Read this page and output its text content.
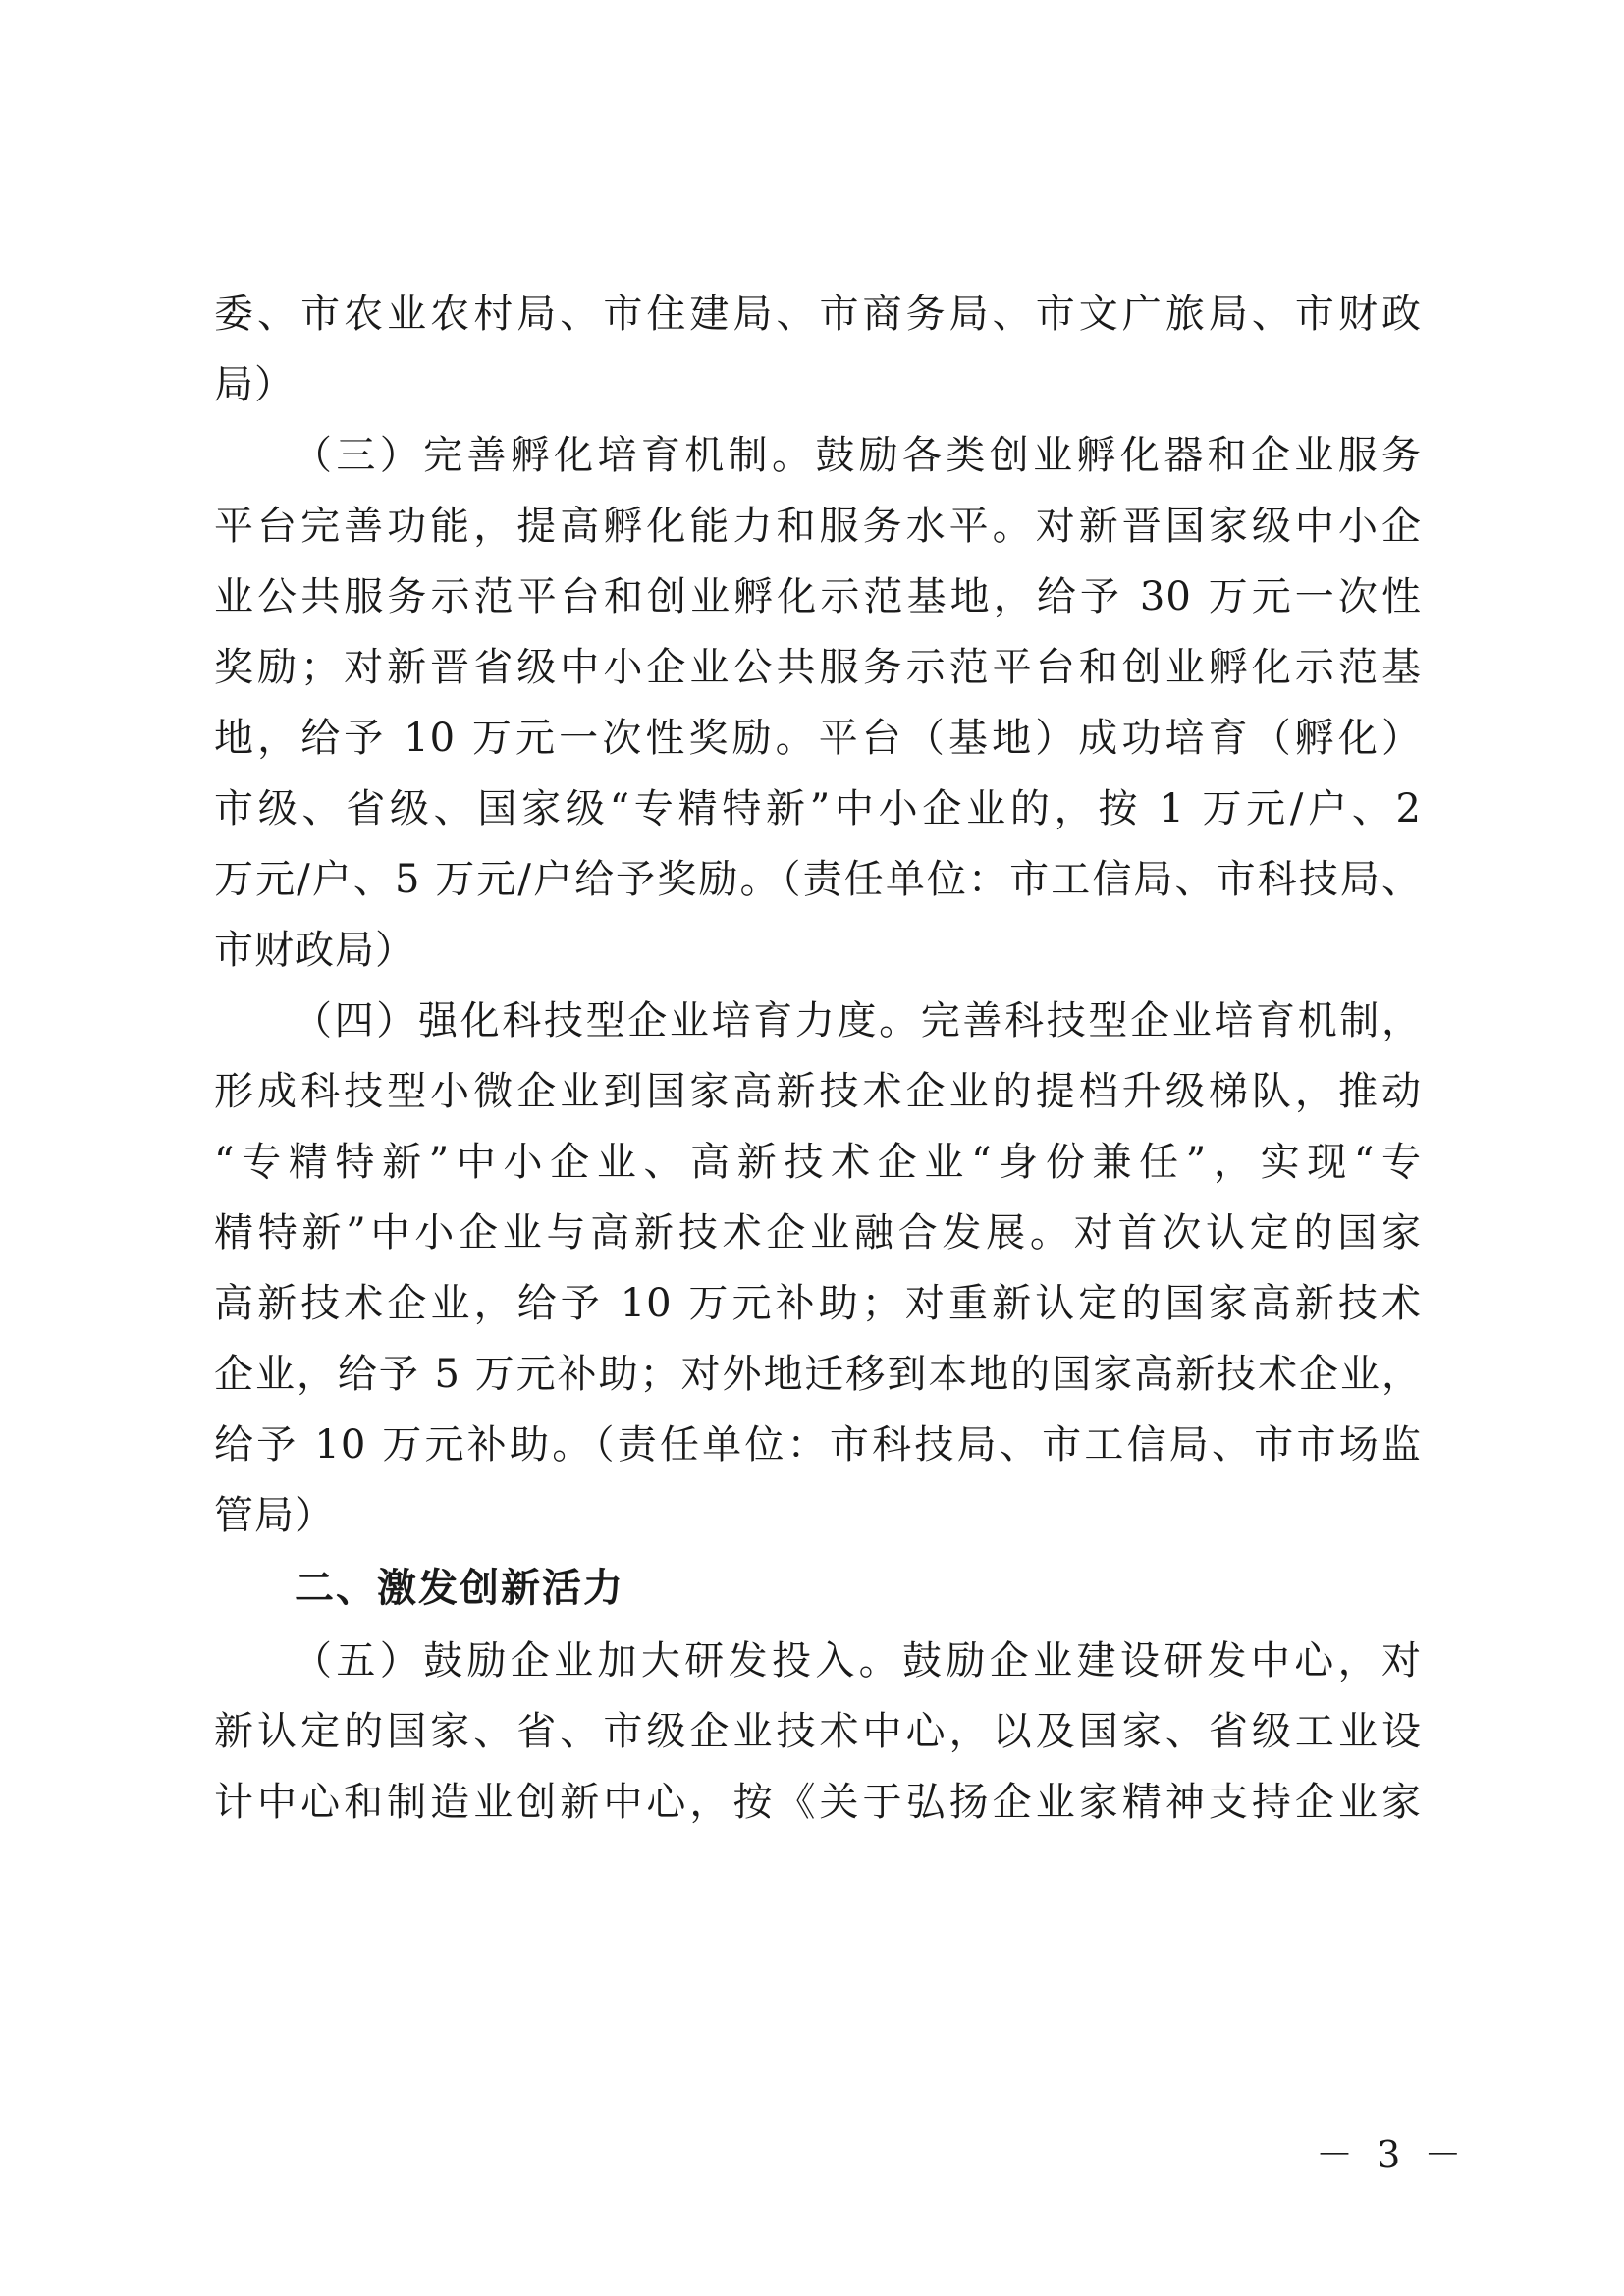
委、市农业农村局、市住建局、市商务局、市文广旅局、市财政
局）
（三）完善孵化培育机制。鼓励各类创业孵化器和企业服务
平台完善功能，提高孵化能力和服务水平。对新晋国家级中小企
业公共服务示范平台和创业孵化示范基地，给予 30 万元一次性
奖励；对新晋省级中小企业公共服务示范平台和创业孵化示范基
地，给予 10 万元一次性奖励。平台（基地）成功培育（孵化）
市级、省级、国家级“专精特新”中小企业的，按 1 万元/户、2
万元/户、5 万元/户给予奖励。（责任单位：市工信局、市科技局、
市财政局）
（四）强化科技型企业培育力度。完善科技型企业培育机制，
形成科技型小微企业到国家高新技术企业的提档升级梯队，推动
“专精特新”中小企业、高新技术企业“身份兼任”，实现“专
精特新”中小企业与高新技术企业融合发展。对首次认定的国家
高新技术企业，给予 10 万元补助；对重新认定的国家高新技术
企业，给予 5 万元补助；对外地迁移到本地的国家高新技术企业，
给予 10 万元补助。（责任单位：市科技局、市工信局、市市场监
管局）
二、激发创新活力
（五）鼓励企业加大研发投入。鼓励企业建设研发中心，对
新认定的国家、省、市级企业技术中心，以及国家、省级工业设
计中心和制造业创新中心，按《关于弘扬企业家精神支持企业家
－ 3 －
